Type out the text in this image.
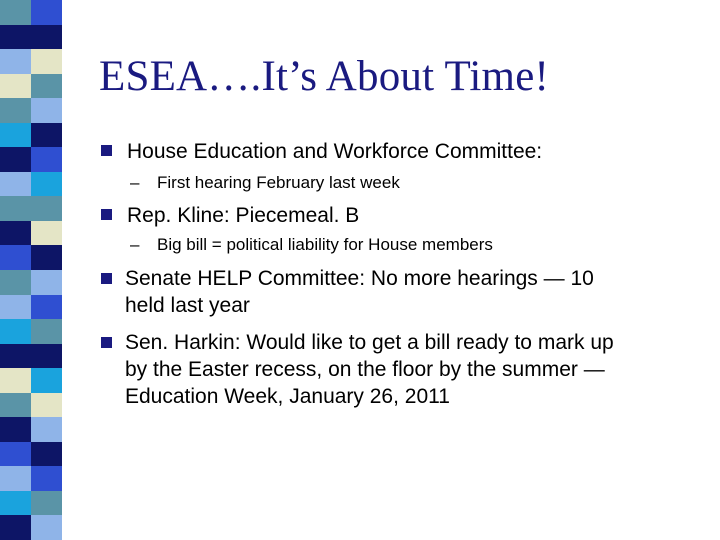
ESEA….It’s About Time!
House Education and Workforce Committee:
– First hearing February last week
Rep. Kline: Piecemeal. B
– Big bill = political liability for House members
Senate HELP Committee: No more hearings — 10
held last year
Sen. Harkin: Would like to get a bill ready to mark up
by the Easter recess, on the floor by the summer —
Education Week, January 26, 2011
